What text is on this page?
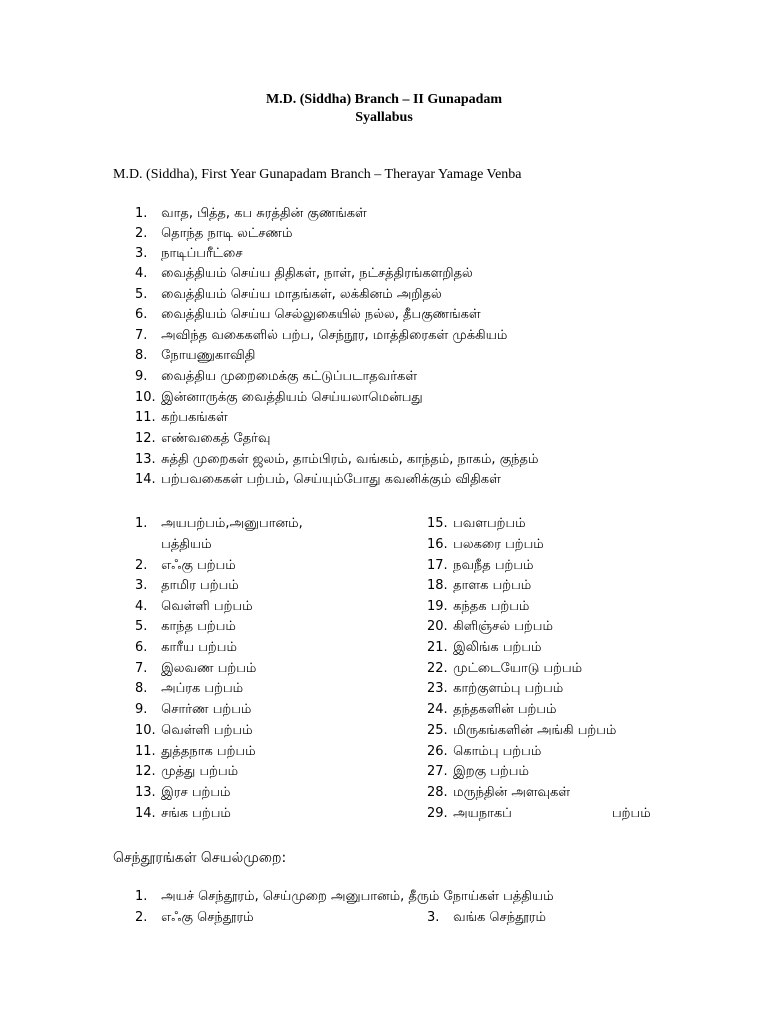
M.D. (Siddha) Branch – II Gunapadam
Syallabus
M.D. (Siddha), First Year Gunapadam Branch – Therayar Yamage Venba
1. வாத, பித்த, கப சுரத்தின் குணங்கள்
2. தொந்த நாடி லட்சணம்
3. நாடிப்பரீட்சை
4. வைத்தியம் செய்ய திதிகள், நாள், நட்சத்திரங்களறிதல்
5. வைத்தியம் செய்ய மாதங்கள், லக்கினம் அறிதல்
6. வைத்தியம் செய்ய செல்லுகையில் நல்ல, தீபகுணங்கள்
7. அவிந்த வகைகளில் பற்ப, செந்நூர, மாத்திரைகள் முக்கியம்
8. நோயணுகாவிதி
9. வைத்திய முறைமைக்கு கட்டுப்படாதவர்கள்
10. இன்னாருக்கு வைத்தியம் செய்யலாமென்பது
11. கற்பகங்கள்
12. எண்வகைத் தேர்வு
13. சுத்தி முறைகள் ஜலம், தாம்பிரம், வங்கம், காந்தம், நாகம், குந்தம்
14. பற்பவகைகள் பற்பம், செய்யும்போது கவனிக்கும் விதிகள்
1. அயபற்பம்,அனுபானம்,
பத்தியம்
2. எஃகு பற்பம்
3. தாமிர பற்பம்
4. வெள்ளி பற்பம்
5. காந்த பற்பம்
6. காரீய பற்பம்
7. இலவண பற்பம்
8. அப்ரக பற்பம்
9. சொர்ண பற்பம்
10. வெள்ளி பற்பம்
11. துத்தநாக பற்பம்
12. முத்து பற்பம்
13. இரச பற்பம்
14. சங்க பற்பம்
15. பவளபற்பம்
16. பலகரை பற்பம்
17. நவநீத பற்பம்
18. தாளக பற்பம்
19. கந்தக பற்பம்
20. கிளிஞ்சல் பற்பம்
21. இலிங்க பற்பம்
22. முட்டையோடு பற்பம்
23. காற்குளம்பு பற்பம்
24. தந்தகளின் பற்பம்
25. மிருகங்களின் அங்கி பற்பம்
26. கொம்பு பற்பம்
27. இறகு பற்பம்
28. மருந்தின் அளவுகள்
29. அயநாகப்	பற்பம்
செந்தூரங்கள் செயல்முறை:
1. அயச் செந்தூரம், செய்முறை அனுபானம், தீரும் நோய்கள் பத்தியம்
2. எஃகு செந்தூரம்	3. வங்க செந்தூரம்
